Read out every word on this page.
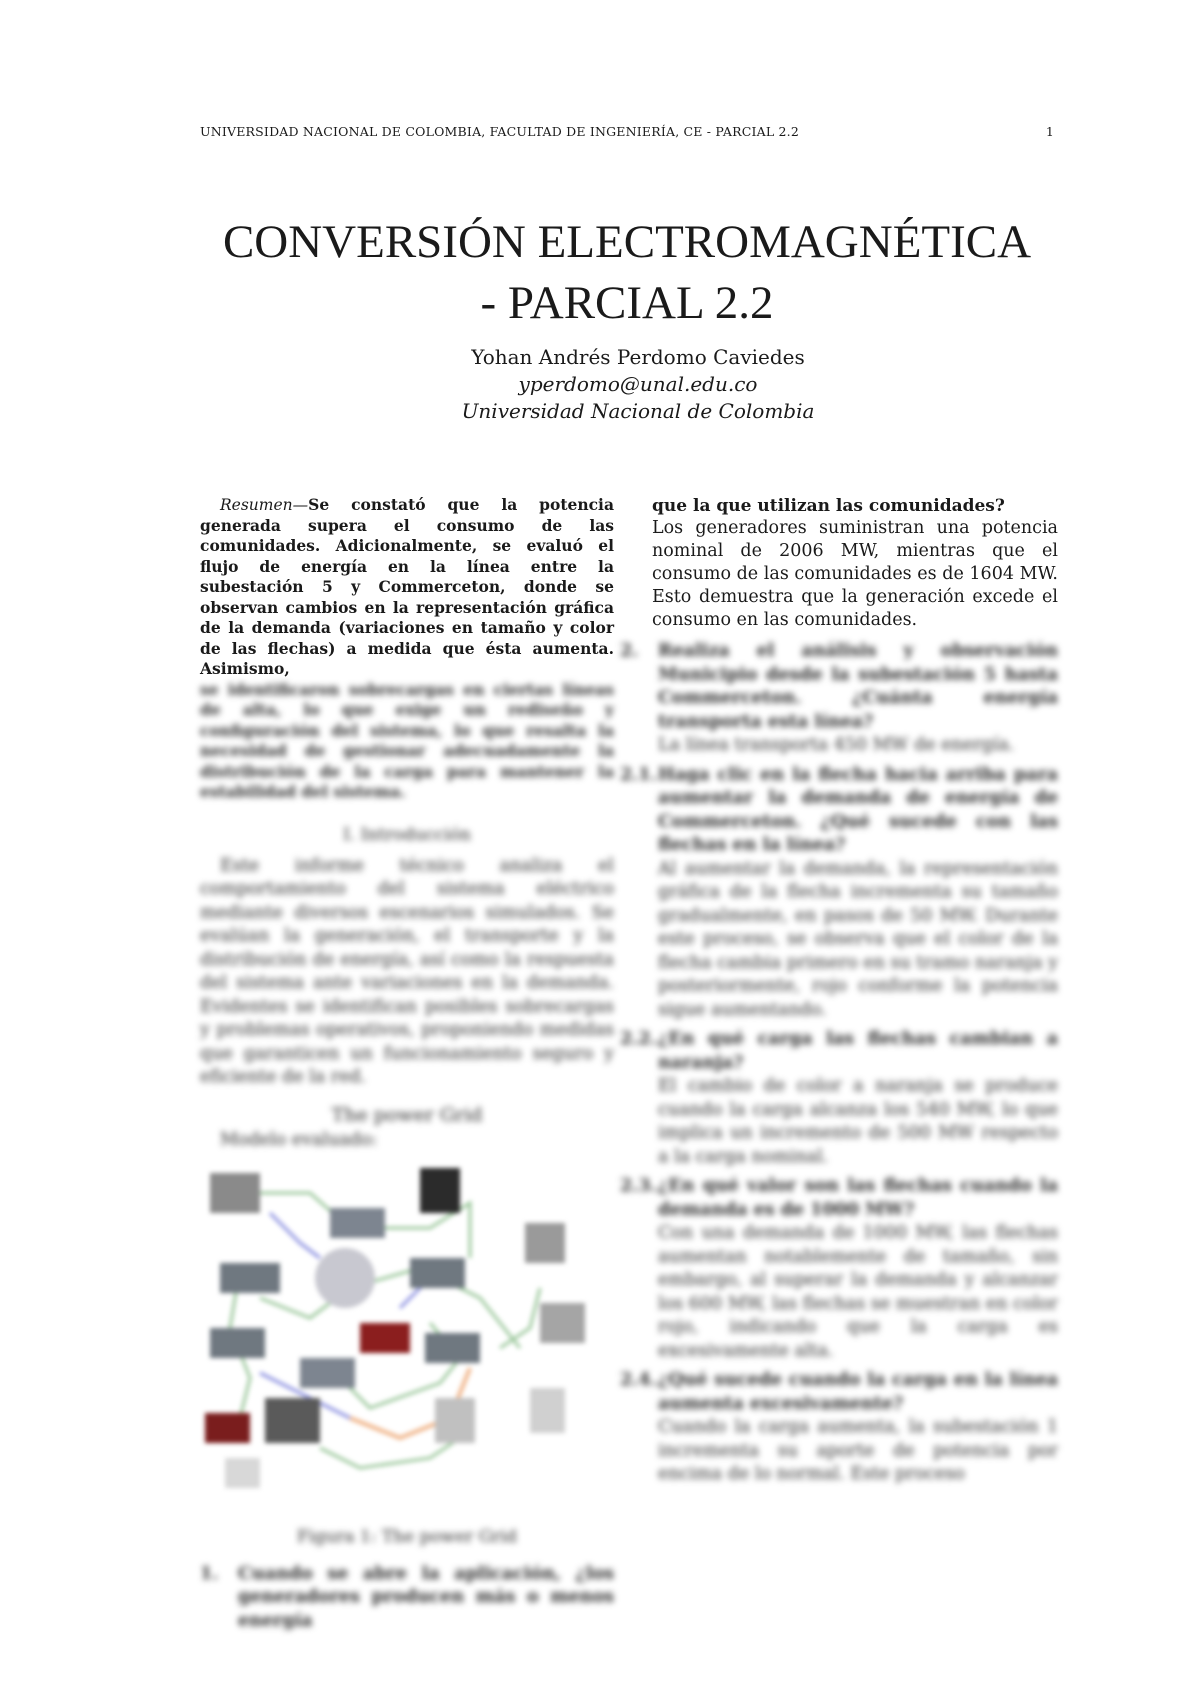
UNIVERSIDAD NACIONAL DE COLOMBIA, FACULTAD DE INGENIERÍA, CE - PARCIAL 2.2	1
CONVERSIÓN ELECTROMAGNÉTICA
- PARCIAL 2.2
Yohan Andrés Perdomo Caviedes
yperdomo@unal.edu.co
Universidad Nacional de Colombia

Resumen—Se constató que la potencia generada supera el consumo de las comunidades. Adicionalmente, se evaluó el flujo de energía en la línea entre la subestación 5 y Commerceton, donde se observan cambios en la representación gráfica de la demanda (variaciones en tamaño y color de las flechas) a medida que ésta aumenta. Asimismo,

se identificaron sobrecargas en ciertas líneas de alta, lo que exige un rediseño y configuración del sistema, lo que resalta la necesidad de gestionar adecuadamente la distribución de la carga para mantener la estabilidad del sistema.

I. Introducción

Este informe técnico analiza el comportamiento del sistema eléctrico mediante diversos escenarios simulados. Se evalúan la generación, el transporte y la distribución de energía, así como la respuesta del sistema ante variaciones en la demanda. Evidentes se identifican posibles sobrecargas y problemas operativos, proponiendo medidas que garanticen un funcionamiento seguro y eficiente de la red.

The power Grid
Modelo evaluado:
Figura 1: The power Grid
1.	Cuando se abre la aplicación, ¿los generadores producen más o menos energía
que la que utilizan las comunidades?

Los generadores suministran una potencia nominal de 2006 MW, mientras que el consumo de las comunidades es de 1604 MW. Esto demuestra que la generación excede el consumo en las comunidades.

2.	Realiza el análisis y observación Municipio desde la subestación 5 hasta Commerceton. ¿Cuánta energía transporta esta línea?
La línea transporta 450 MW de energía.
2.1. Haga clic en la flecha hacia arriba para aumentar la demanda de energía de Commerceton. ¿Qué sucede con las flechas en la línea?
Al aumentar la demanda, la representación gráfica de la flecha incrementa su tamaño gradualmente, en pasos de 50 MW. Durante este proceso, se observa que el color de la flecha cambia primero en su tramo naranja y posteriormente, rojo conforme la potencia sigue aumentando.
2.2. ¿En qué carga las flechas cambian a naranja?
El cambio de color a naranja se produce cuando la carga alcanza los 540 MW, lo que implica un incremento de 500 MW respecto a la carga nominal.
2.3. ¿En qué valor son las flechas cuando la demanda es de 1000 MW?
Con una demanda de 1000 MW, las flechas aumentan notablemente de tamaño, sin embargo, al superar la demanda y alcanzar los 600 MW, las flechas se muestran en color rojo, indicando que la carga es excesivamente alta.
2.4. ¿Qué sucede cuando la carga en la línea aumenta excesivamente?
Cuando la carga aumenta, la subestación 1 incrementa su aporte de potencia por encima de lo normal. Este proceso
